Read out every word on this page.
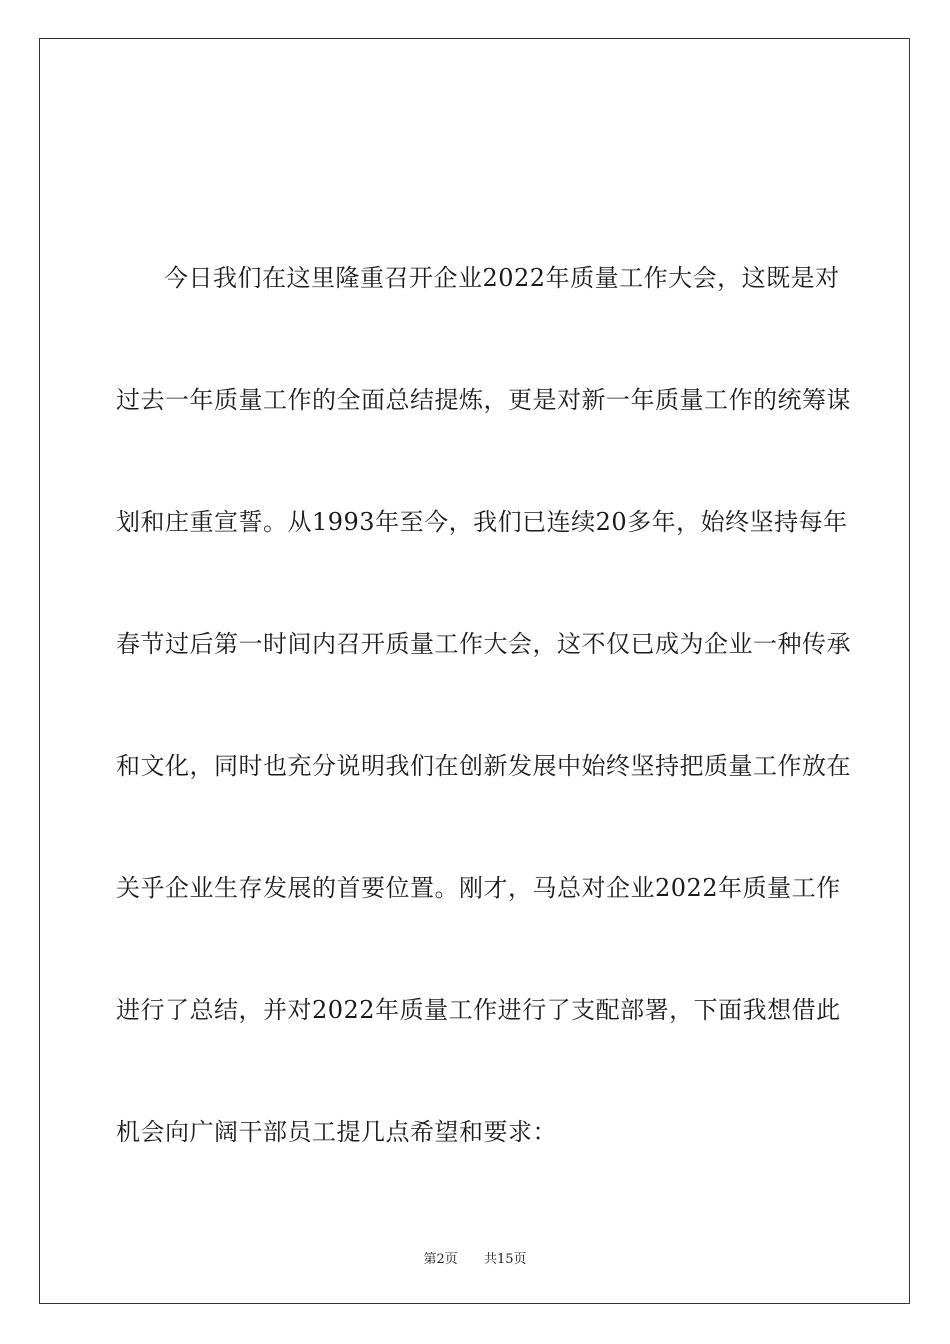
今日我们在这里隆重召开企业2022年质量工作大会，这既是对
过去一年质量工作的全面总结提炼，更是对新一年质量工作的统筹谋
划和庄重宣誓。从1993年至今，我们已连续20多年，始终坚持每年
春节过后第一时间内召开质量工作大会，这不仅已成为企业一种传承
和文化，同时也充分说明我们在创新发展中始终坚持把质量工作放在
关乎企业生存发展的首要位置。刚才，马总对企业2022年质量工作
进行了总结，并对2022年质量工作进行了支配部署，下面我想借此
机会向广阔干部员工提几点希望和要求：
第2页 共15页
